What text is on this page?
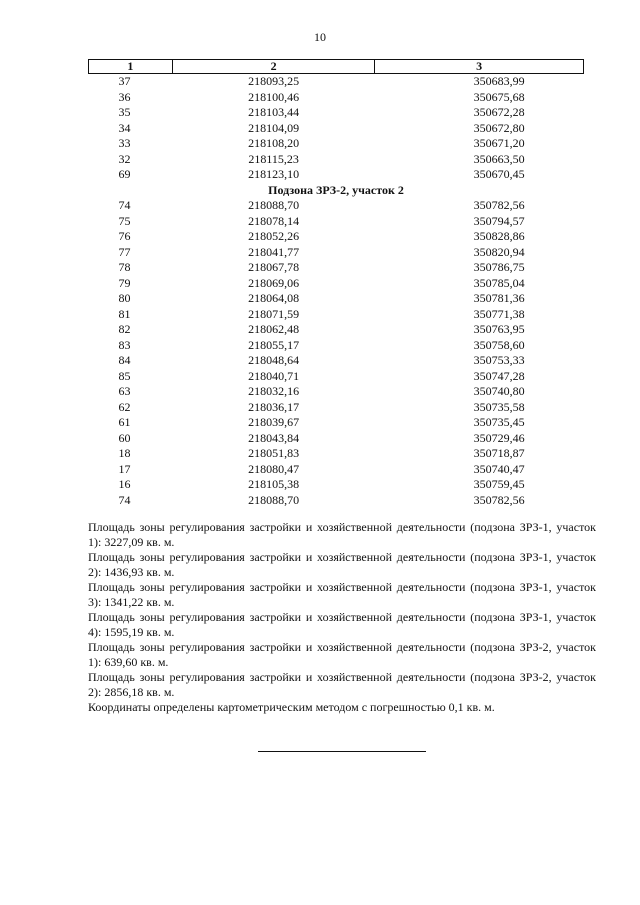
10
1	2	3
37	218093,25	350683,99
36	218100,46	350675,68
35	218103,44	350672,28
34	218104,09	350672,80
33	218108,20	350671,20
32	218115,23	350663,50
69	218123,10	350670,45
Подзона ЗРЗ-2, участок 2		
74	218088,70	350782,56
75	218078,14	350794,57
76	218052,26	350828,86
77	218041,77	350820,94
78	218067,78	350786,75
79	218069,06	350785,04
80	218064,08	350781,36
81	218071,59	350771,38
82	218062,48	350763,95
83	218055,17	350758,60
84	218048,64	350753,33
85	218040,71	350747,28
63	218032,16	350740,80
62	218036,17	350735,58
61	218039,67	350735,45
60	218043,84	350729,46
18	218051,83	350718,87
17	218080,47	350740,47
16	218105,38	350759,45
74	218088,70	350782,56

Площадь зоны регулирования застройки и хозяйственной деятельности (подзона ЗРЗ-1, участок 1): 3227,09 кв. м.

Площадь зоны регулирования застройки и хозяйственной деятельности (подзона ЗРЗ-1, участок 2): 1436,93 кв. м.

Площадь зоны регулирования застройки и хозяйственной деятельности (подзона ЗРЗ-1, участок 3): 1341,22 кв. м.

Площадь зоны регулирования застройки и хозяйственной деятельности (подзона ЗРЗ-1, участок 4): 1595,19 кв. м.

Площадь зоны регулирования застройки и хозяйственной деятельности (подзона ЗРЗ-2, участок 1): 639,60 кв. м.

Площадь зоны регулирования застройки и хозяйственной деятельности (подзона ЗРЗ-2, участок 2): 2856,18 кв. м.

Координаты определены картометрическим методом с погрешностью 0,1 кв. м.
